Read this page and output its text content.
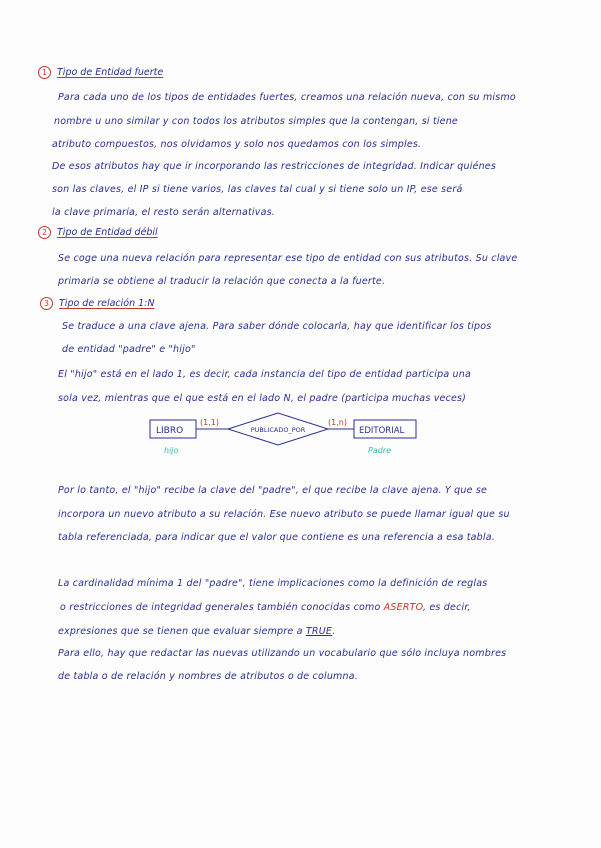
1	Tipo de Entidad fuerte
Para cada uno de los tipos de entidades fuertes, creamos una relación nueva, con su mismo
nombre u uno similar y con todos los atributos simples que la contengan, si tiene
atributo compuestos, nos olvidamos y solo nos quedamos con los simples.
De esos atributos hay que ir incorporando las restricciones de integridad. Indicar quiénes
son las claves, el IP si tiene varios, las claves tal cual y si tiene solo un IP, ese será
la clave primaria, el resto serán alternativas.
2	Tipo de Entidad débil
Se coge una nueva relación para representar ese tipo de entidad con sus atributos. Su clave
primaria se obtiene al traducir la relación que conecta a la fuerte.
3	Tipo de relación 1:N
Se traduce a una clave ajena. Para saber dónde colocarla, hay que identificar los tipos
de entidad "padre" e "hijo"
El "hijo" está en el lado 1, es decir, cada instancia del tipo de entidad participa una
sola vez, mientras que el que está en el lado N, el padre (participa muchas veces)
LIBRO
(1,1)
PUBLICADO_POR
(1,n)
EDITORIAL
hijo	Padre
Por lo tanto, el "hijo" recibe la clave del "padre", el que recibe la clave ajena. Y que se
incorpora un nuevo atributo a su relación. Ese nuevo atributo se puede llamar igual que su
tabla referenciada, para indicar que el valor que contiene es una referencia a esa tabla.
La cardinalidad mínima 1 del "padre", tiene implicaciones como la definición de reglas
o restricciones de integridad generales también conocidas como ASERTO, es decir,
expresiones que se tienen que evaluar siempre a TRUE.
Para ello, hay que redactar las nuevas utilizando un vocabulario que sólo incluya nombres
de tabla o de relación y nombres de atributos o de columna.
